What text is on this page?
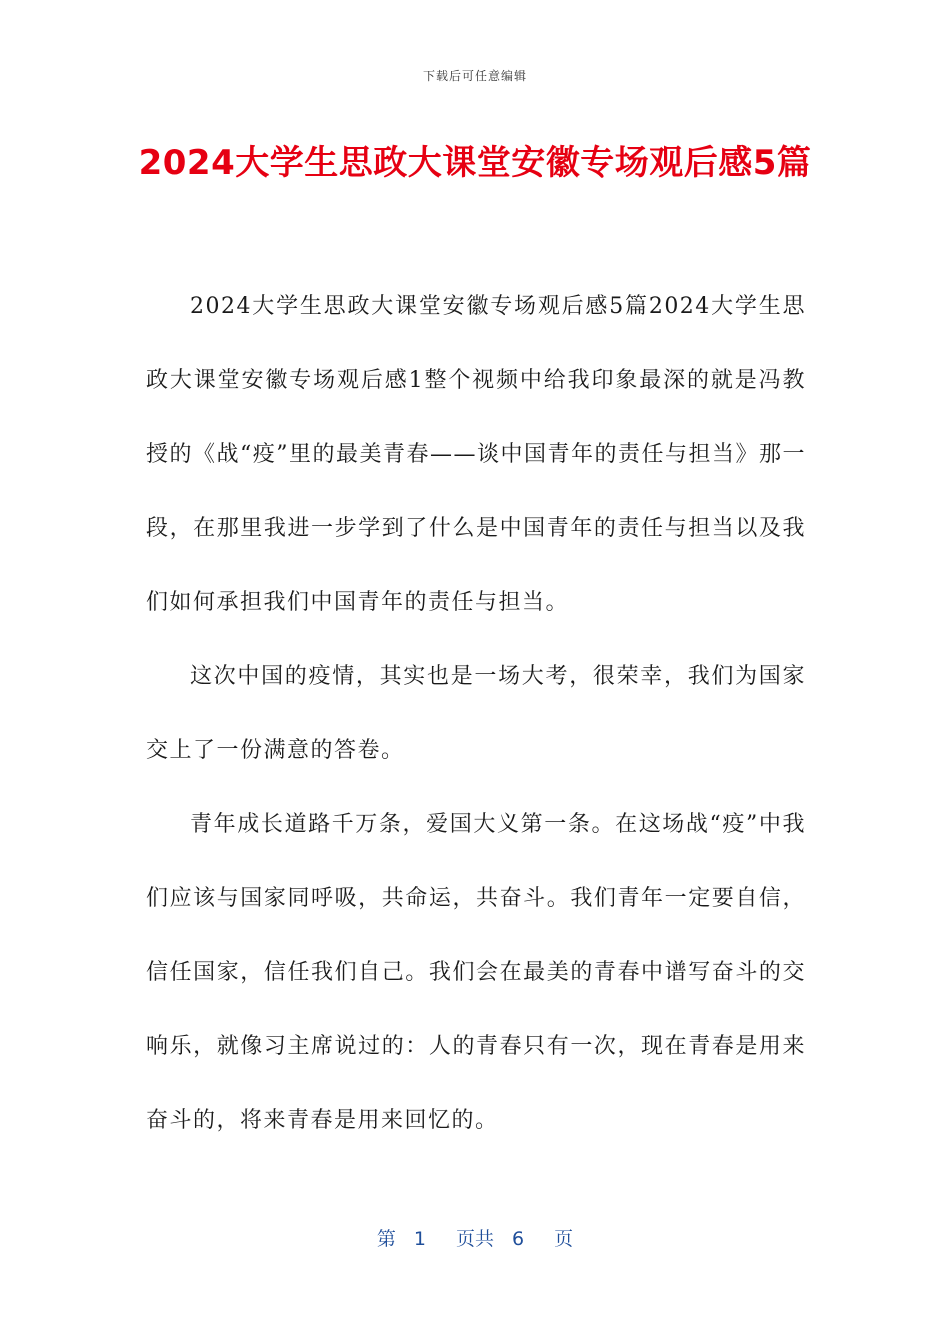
下载后可任意编辑
2024大学生思政大课堂安徽专场观后感5篇

2024大学生思政大课堂安徽专场观后感5篇2024大学生思政大课堂安徽专场观后感1整个视频中给我印象最深的就是冯教授的《战“疫”里的最美青春——谈中国青年的责任与担当》那一段，在那里我进一步学到了什么是中国青年的责任与担当以及我们如何承担我们中国青年的责任与担当。

这次中国的疫情，其实也是一场大考，很荣幸，我们为国家交上了一份满意的答卷。

青年成长道路千万条，爱国大义第一条。在这场战“疫”中我们应该与国家同呼吸，共命运，共奋斗。我们青年一定要自信，信任国家，信任我们自己。我们会在最美的青春中谱写奋斗的交响乐，就像习主席说过的：人的青春只有一次，现在青春是用来奋斗的，将来青春是用来回忆的。

第 1 页共 6 页
